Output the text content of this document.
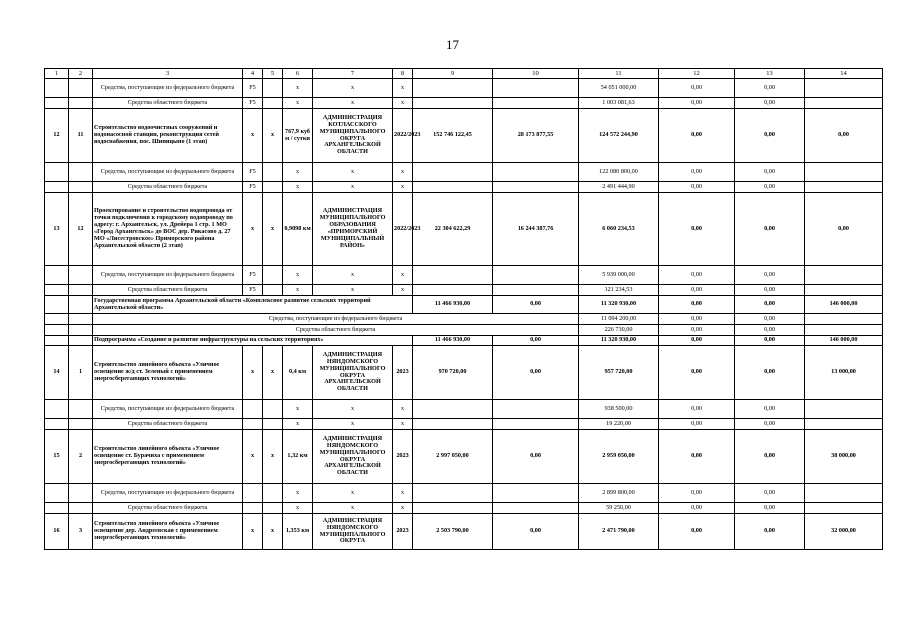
17
1	2	3	4	5	6	7	8	9	10	11	12	13	14
		Средства, поступающие из федерального бюджета	F5		х	х	х			54 051 000,00	0,00	0,00	
		Средства областного бюджета	F5		х	х	х			1 003 081,63	0,00	0,00	
12	11	Строительство водоочистных сооружений и водонасосной станции, реконструкция сетей водоснабжения, пос. Шипицыно (1 этап)	х	х	767,9 куб м / сутки	АДМИНИСТРАЦИЯ КОТЛАССКОГО МУНИЦИПАЛЬНОГО ОКРУГА АРХАНГЕЛЬСКОЙ ОБЛАСТИ	2022/2023	152 746 122,45	28 173 877,55	124 572 244,90	0,00	0,00	0,00
		Средства, поступающие из федерального бюджета	F5		х	х	х			122 080 800,00	0,00	0,00	
		Средства областного бюджета	F5		х	х	х			2 491 444,90	0,00	0,00	
13	12	Проектирование и строительство водопровода от точки подключения к городскому водопроводу по адресу: г. Архангельск, ул. Дрейера 1 стр. 1 МО «Город Архангельск» до ВОС дер. Рикасово д. 27 МО «Лисестровское» Приморского района Архангельской области (2 этап)	х	х	0,9098 км	АДМИНИСТРАЦИЯ МУНИЦИПАЛЬНОГО ОБРАЗОВАНИЯ «ПРИМОРСКИЙ МУНИЦИПАЛЬНЫЙ РАЙОН»	2022/2023	22 304 622,29	16 244 387,76	6 060 234,53	0,00	0,00	0,00
		Средства, поступающие из федерального бюджета	F5		х	х	х			5 939 000,00	0,00	0,00	
		Средства областного бюджета	F5		х	х	х			121 234,53	0,00	0,00	
		Государственная программа Архангельской области «Комплексное развитие сельских территорий Архангельской области»						11 466 930,00	0,00	11 320 930,00	0,00	0,00	146 000,00
		Средства, поступающие из федерального бюджета								11 094 200,00	0,00	0,00	
		Средства областного бюджета								226 730,00	0,00	0,00	
		Подпрограмма «Создание и развитие инфраструктуры на сельских территориях»						11 466 930,00	0,00	11 320 930,00	0,00	0,00	146 000,00
14	1	Строительство линейного объекта «Уличное освещение ж/д ст. Зеленый с применением энергосберегающих технологий»	х	х	0,4 км	АДМИНИСТРАЦИЯ НЯНДОМСКОГО МУНИЦИПАЛЬНОГО ОКРУГА АРХАНГЕЛЬСКОЙ ОБЛАСТИ	2023	970 720,00	0,00	957 720,00	0,00	0,00	13 000,00
		Средства, поступающие из федерального бюджета			х	х	х			938 500,00	0,00	0,00	
		Средства областного бюджета			х	х	х			19 220,00	0,00	0,00	
15	2	Строительство линейного объекта «Уличное освещение ст. Бурачиха с применением энергосберегающих технологий»	х	х	1,32 км	АДМИНИСТРАЦИЯ НЯНДОМСКОГО МУНИЦИПАЛЬНОГО ОКРУГА АРХАНГЕЛЬСКОЙ ОБЛАСТИ	2023	2 997 050,00	0,00	2 959 050,00	0,00	0,00	38 000,00
		Средства, поступающие из федерального бюджета			х	х	х			2 899 800,00	0,00	0,00	
		Средства областного бюджета			х	х	х			59 250,00	0,00	0,00	
16	3	Строительство линейного объекта «Уличное освещение дер. Андреевская с применением энергосберегающих технологий»	х	х	1,353 км	АДМИНИСТРАЦИЯ НЯНДОМСКОГО МУНИЦИПАЛЬНОГО ОКРУГА	2023	2 503 790,00	0,00	2 471 790,00	0,00	0,00	32 000,00
